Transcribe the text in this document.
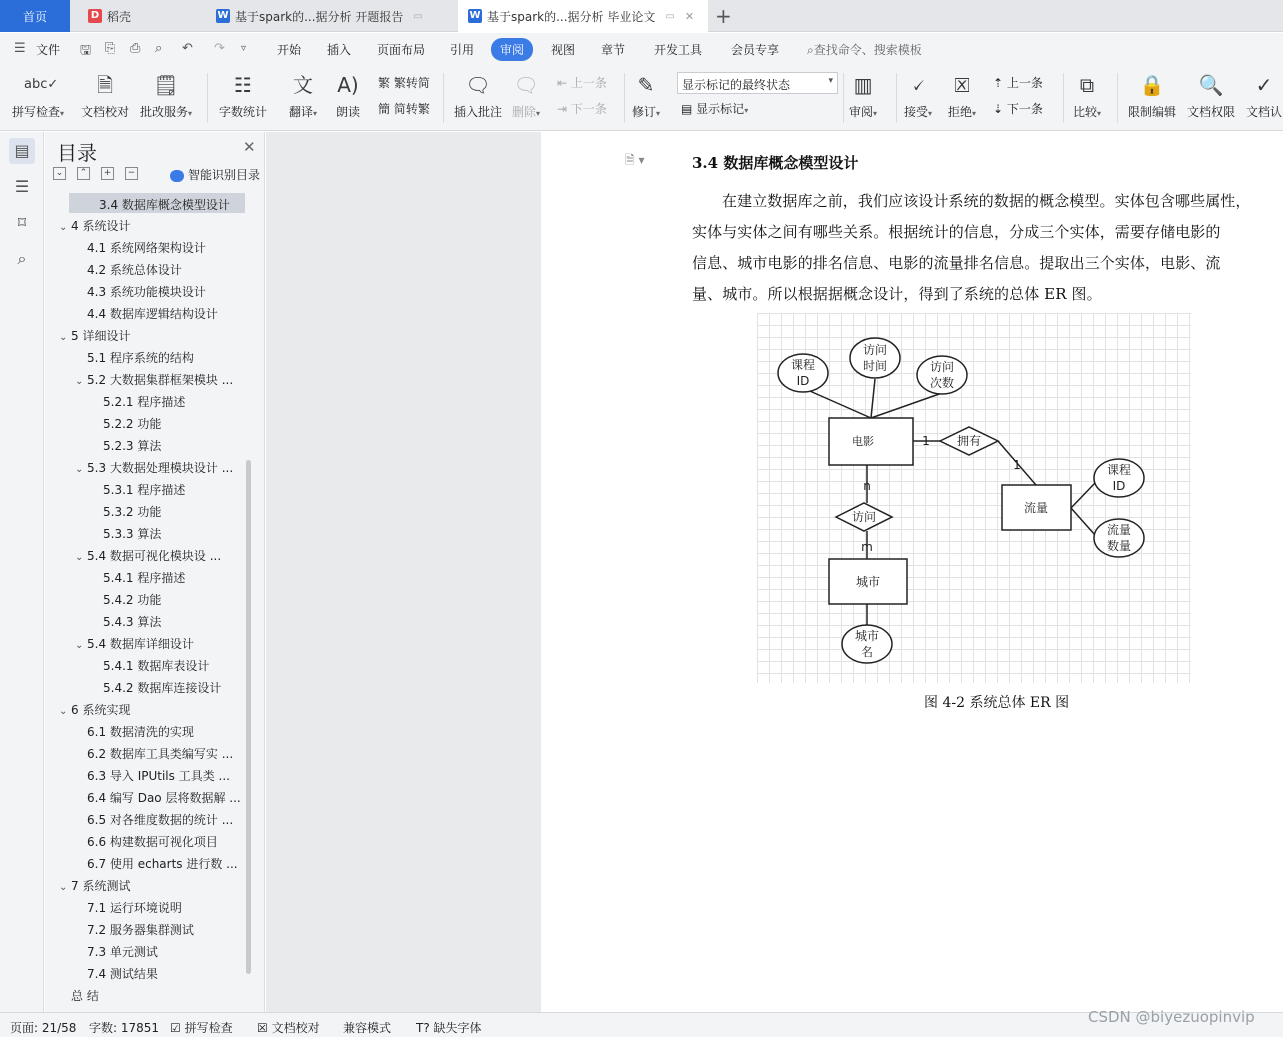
首页	D 稻壳	W 基于spark的...据分析 开题报告 ▭	W 基于spark的...据分析 毕业论文 ▭ ✕ +
☰ 文件 🖫 ⎘ ⎙ ⌕ ↶ ↷ ▿	开始 插入 页面布局 引用	审阅	视图 章节 开发工具 会员专享 ⌕查找命令、搜索模板
abc✓
拼写检查▾
🗎
文档校对
🗒
批改服务▾
☷
字数统计
文
翻译▾
A)
朗读
繁 繁转简
簡 简转繁
🗨
插入批注
🗨
删除▾
⇤ 上一条
⇥ 下一条
✎
修订▾
显示标记的最终状态	▾
▤ 显示标记▾
▥
审阅▾
🗸
接受▾
🗵
拒绝▾
⇡ 上一条
⇣ 下一条
⧉
比较▾
🔒
限制编辑
🔍
文档权限
✓
文档认
▤
☰
⌑
⌕
目录	✕
⌄	⌃	+	−	智能识别目录
3.4 数据库概念模型设计
⌄ 4 系统设计
4.1 系统网络架构设计
4.2 系统总体设计
4.3 系统功能模块设计
4.4 数据库逻辑结构设计
⌄ 5 详细设计
5.1 程序系统的结构
⌄ 5.2 大数据集群框架模块 ...
5.2.1 程序描述
5.2.2 功能
5.2.3 算法
⌄ 5.3 大数据处理模块设计 ...
5.3.1 程序描述
5.3.2 功能
5.3.3 算法
⌄ 5.4 数据可视化模块设 ...
5.4.1 程序描述
5.4.2 功能
5.4.3 算法
⌄ 5.4 数据库详细设计
5.4.1 数据库表设计
5.4.2 数据库连接设计
⌄ 6 系统实现
6.1 数据清洗的实现
6.2 数据库工具类编写实 ...
6.3 导入 IPUtils 工具类 ...
6.4 编写 Dao 层将数据解 ...
6.5 对各维度数据的统计 ...
6.6 构建数据可视化项目
6.7 使用 echarts 进行数 ...
⌄ 7 系统测试
7.1 运行环境说明
7.2 服务器集群测试
7.3 单元测试
7.4 测试结果
总 结
🗎 ▾	3.4 数据库概念模型设计
在建立数据库之前，我们应该设计系统的数据的概念模型。实体包含哪些属性，
实体与实体之间有哪些关系。根据统计的信息，分成三个实体，需要存储电影的
信息、城市电影的排名信息、电影的流量排名信息。提取出三个实体，电影、流
量、城市。所以根据据概念设计，得到了系统的总体 ER 图。
课程
ID
访问
时间	访问
次数
电影	拥有
流量
课程
ID
流量
数量
访问
城市
城市
名
1
1
n
m
图 4-2 系统总体 ER 图
页面: 21/58 字数: 17851 ☑ 拼写检查 ☒ 文档校对 兼容模式 T? 缺失字体
CSDN @biyezuopinvip
